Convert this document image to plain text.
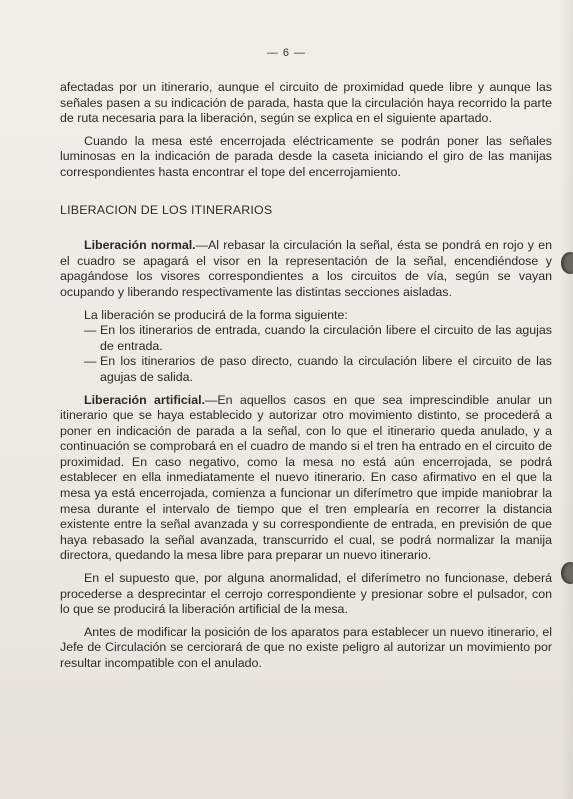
— 6 —

afectadas por un itinerario, aunque el circuito de proximidad quede libre y aunque las señales pasen a su indicación de parada, hasta que la circulación haya recorrido la parte de ruta necesaria para la liberación, según se explica en el siguiente apartado.

Cuando la mesa esté encerrojada eléctricamente se podrán poner las señales luminosas en la indicación de parada desde la caseta iniciando el giro de las manijas correspondientes hasta encontrar el tope del encerrojamiento.

LIBERACION DE LOS ITINERARIOS

Liberación normal.—Al rebasar la circulación la señal, ésta se pondrá en rojo y en el cuadro se apagará el visor en la representación de la señal, encendiéndose y apagándose los visores correspondientes a los circuitos de vía, según se vayan ocupando y liberando respectivamente las distintas secciones aisladas.

La liberación se producirá de la forma siguiente:

— En los itinerarios de entrada, cuando la circulación libere el circuito de las agujas de entrada.
— En los itinerarios de paso directo, cuando la circulación libere el circuito de las agujas de salida.

Liberación artificial.—En aquellos casos en que sea imprescindible anular un itinerario que se haya establecido y autorizar otro movimiento distinto, se procederá a poner en indicación de parada a la señal, con lo que el itinerario queda anulado, y a continuación se comprobará en el cuadro de mando si el tren ha entrado en el circuito de proximidad. En caso negativo, como la mesa no está aún encerrojada, se podrá establecer en ella inmediatamente el nuevo itinerario. En caso afirmativo en el que la mesa ya está encerrojada, comienza a funcionar un diferímetro que impide maniobrar la mesa durante el intervalo de tiempo que el tren emplearía en recorrer la distancia existente entre la señal avanzada y su correspondiente de entrada, en previsión de que haya rebasado la señal avanzada, transcurrido el cual, se podrá normalizar la manija directora, quedando la mesa libre para preparar un nuevo itinerario.

En el supuesto que, por alguna anormalidad, el diferímetro no funcionase, deberá procederse a desprecintar el cerrojo correspondiente y presionar sobre el pulsador, con lo que se producirá la liberación artificial de la mesa.

Antes de modificar la posición de los aparatos para establecer un nuevo itinerario, el Jefe de Circulación se cerciorará de que no existe peligro al autorizar un movimiento por resultar incompatible con el anulado.
